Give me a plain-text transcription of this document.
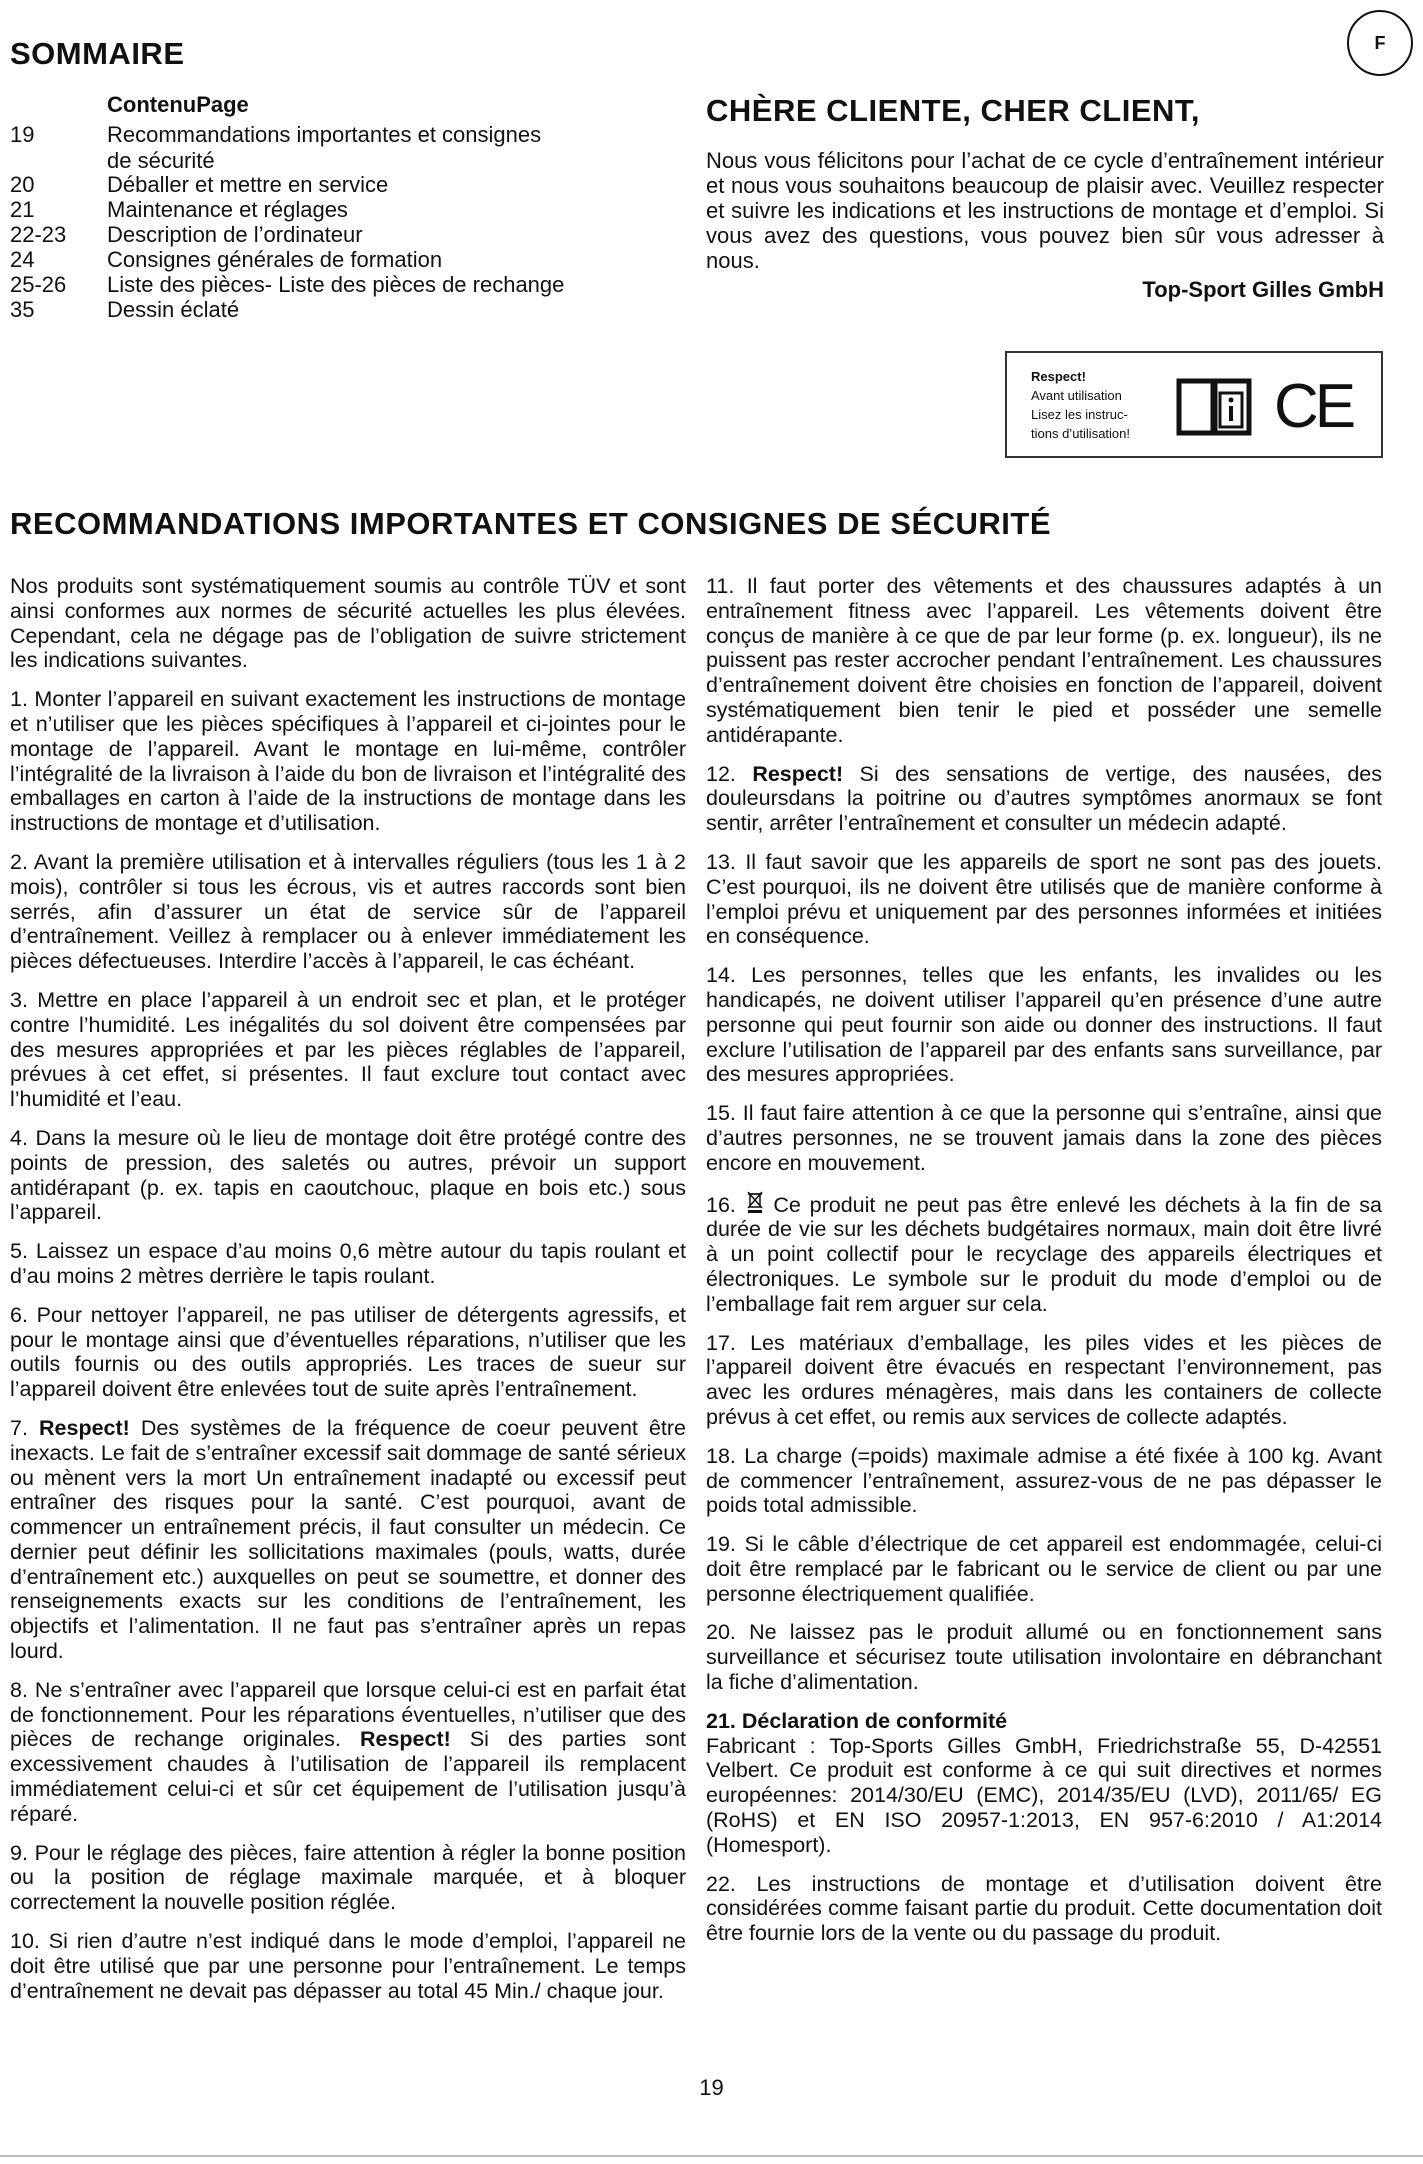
SOMMAIRE
ContenuPage
19	Recommandations importantes et consignes
de sécurité
20	Déballer et mettre en service
21	Maintenance et réglages
22-23	Description de l’ordinateur
24	Consignes générales de formation
25-26	Liste des pièces- Liste des pièces de rechange
35	Dessin éclaté
F
CHÈRE CLIENTE, CHER CLIENT,
Nous vous félicitons pour l’achat de ce cycle d’entraînement intérieur et nous vous souhaitons beaucoup de plaisir avec. Veuillez respecter et suivre les indications et les instructions de montage et d’emploi. Si vous avez des questions, vous pouvez bien sûr vous adresser à nous.
Top-Sport Gilles GmbH
Respect!
Avant utilisation
Lisez les instruc-
tions d’utilisation! CE
RECOMMANDATIONS IMPORTANTES ET CONSIGNES DE SÉCURITÉ

Nos produits sont systématiquement soumis au contrôle TÜV et sont ainsi conformes aux normes de sécurité actuelles les plus élevées. Cependant, cela ne dégage pas de l’obligation de suivre strictement les indications suivantes.

1. Monter l’appareil en suivant exactement les instructions de montage et n’utiliser que les pièces spécifiques à l’appareil et ci-jointes pour le montage de l’appareil. Avant le montage en lui-même, contrôler l’intégralité de la livraison à l’aide du bon de livraison et l’intégralité des emballages en carton à l’aide de la instructions de montage dans les instructions de montage et d’utilisation.

2. Avant la première utilisation et à intervalles réguliers (tous les 1 à 2 mois), contrôler si tous les écrous, vis et autres raccords sont bien serrés, afin d’assurer un état de service sûr de l’appareil d’entraînement. Veillez à remplacer ou à enlever immédiatement les pièces défectueuses. Interdire l’accès à l’appareil, le cas échéant.

3. Mettre en place l’appareil à un endroit sec et plan, et le protéger contre l’humidité. Les inégalités du sol doivent être compensées par des mesures appropriées et par les pièces réglables de l’appareil, prévues à cet effet, si présentes. Il faut exclure tout contact avec l’humidité et l’eau.

4. Dans la mesure où le lieu de montage doit être protégé contre des points de pression, des saletés ou autres, prévoir un support antidérapant (p. ex. tapis en caoutchouc, plaque en bois etc.) sous l’appareil.

5. Laissez un espace d’au moins 0,6 mètre autour du tapis roulant et d’au moins 2 mètres derrière le tapis roulant.

6. Pour nettoyer l’appareil, ne pas utiliser de détergents agressifs, et pour le montage ainsi que d’éventuelles réparations, n’utiliser que les outils fournis ou des outils appropriés. Les traces de sueur sur l’appareil doivent être enlevées tout de suite après l’entraînement.

7. Respect! Des systèmes de la fréquence de coeur peuvent être inexacts. Le fait de s’entraîner excessif sait dommage de santé sérieux ou mènent vers la mort Un entraînement inadapté ou excessif peut entraîner des risques pour la santé. C’est pourquoi, avant de commencer un entraînement précis, il faut consulter un médecin. Ce dernier peut définir les sollicitations maximales (pouls, watts, durée d’entraînement etc.) auxquelles on peut se soumettre, et donner des renseignements exacts sur les conditions de l’entraînement, les objectifs et l’alimentation. Il ne faut pas s’entraîner après un repas lourd.

8. Ne s’entraîner avec l’appareil que lorsque celui-ci est en parfait état de fonctionnement. Pour les réparations éventuelles, n’utiliser que des pièces de rechange originales. Respect! Si des parties sont excessivement chaudes à l’utilisation de l’appareil ils remplacent immédiatement celui-ci et sûr cet équipement de l’utilisation jusqu’à réparé.

9. Pour le réglage des pièces, faire attention à régler la bonne position ou la position de réglage maximale marquée, et à bloquer correctement la nouvelle position réglée.

10. Si rien d’autre n’est indiqué dans le mode d’emploi, l’appareil ne doit être utilisé que par une personne pour l’entraînement. Le temps d’entraînement ne devait pas dépasser au total 45 Min./ chaque jour.

11. Il faut porter des vêtements et des chaussures adaptés à un entraînement fitness avec l’appareil. Les vêtements doivent être conçus de manière à ce que de par leur forme (p. ex. longueur), ils ne puissent pas rester accrocher pendant l’entraînement. Les chaussures d’entraînement doivent être choisies en fonction de l’appareil, doivent systématiquement bien tenir le pied et posséder une semelle antidérapante.

12. Respect! Si des sensations de vertige, des nausées, des douleursdans la poitrine ou d’autres symptômes anormaux se font sentir, arrêter l’entraînement et consulter un médecin adapté.

13. Il faut savoir que les appareils de sport ne sont pas des jouets. C’est pourquoi, ils ne doivent être utilisés que de manière conforme à l’emploi prévu et uniquement par des personnes informées et initiées en conséquence.

14. Les personnes, telles que les enfants, les invalides ou les handicapés, ne doivent utiliser l’appareil qu’en présence d’une autre personne qui peut fournir son aide ou donner des instructions. Il faut exclure l’utilisation de l’appareil par des enfants sans surveillance, par des mesures appropriées.

15. Il faut faire attention à ce que la personne qui s’entraîne, ainsi que d’autres personnes, ne se trouvent jamais dans la zone des pièces encore en mouvement.

16. Ce produit ne peut pas être enlevé les déchets à la fin de sa durée de vie sur les déchets budgétaires normaux, main doit être livré à un point collectif pour le recyclage des appareils électriques et électroniques. Le symbole sur le produit du mode d’emploi ou de l’emballage fait rem arguer sur cela.

17. Les matériaux d’emballage, les piles vides et les pièces de l’appareil doivent être évacués en respectant l’environnement, pas avec les ordures ménagères, mais dans les containers de collecte prévus à cet effet, ou remis aux services de collecte adaptés.

18. La charge (=poids) maximale admise a été fixée à 100 kg. Avant de commencer l’entraînement, assurez-vous de ne pas dépasser le poids total admissible.

19. Si le câble d’électrique de cet appareil est endommagée, celui-ci doit être remplacé par le fabricant ou le service de client ou par une personne électriquement qualifiée.

20. Ne laissez pas le produit allumé ou en fonctionnement sans surveillance et sécurisez toute utilisation involontaire en débranchant la fiche d’alimentation.

21. Déclaration de conformité
Fabricant : Top-Sports Gilles GmbH, Friedrichstraße 55, D-42551 Velbert. Ce produit est conforme à ce qui suit directives et normes européennes: 2014/30/EU (EMC), 2014/35/EU (LVD), 2011/65/ EG (RoHS) et EN ISO 20957-1:2013, EN 957-6:2010 / A1:2014 (Homesport).

22. Les instructions de montage et d’utilisation doivent être considérées comme faisant partie du produit. Cette documentation doit être fournie lors de la vente ou du passage du produit.

19
